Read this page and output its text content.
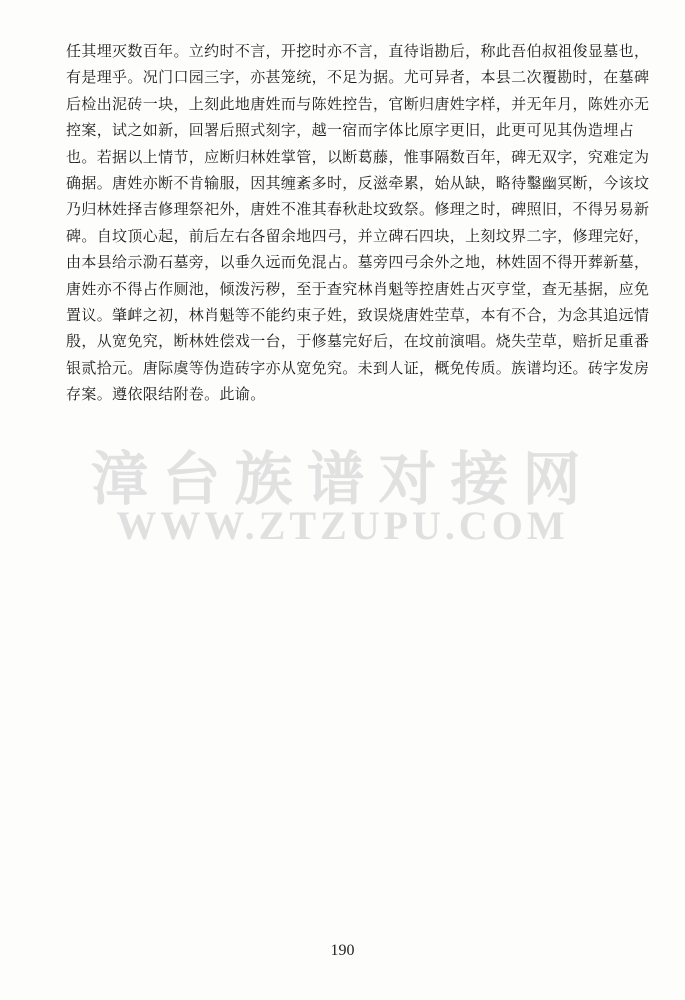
任其埋灭数百年。立约时不言，开挖时亦不言，直待诣勘后，称此吾伯叔祖俊显墓也，
有是理乎。况门口园三字，亦甚笼统，不足为据。尤可异者，本县二次覆勘时，在墓碑
后检出泥砖一块，上刻此地唐姓而与陈姓控告，官断归唐姓字样，并无年月，陈姓亦无
控案，试之如新，回署后照式刻字，越一宿而字体比原字更旧，此更可见其伪造埋占
也。若据以上情节，应断归林姓掌管，以断葛藤，惟事隔数百年，碑无双字，究难定为
确据。唐姓亦断不肯输服，因其缠紊多时，反滋牵累，始从缺，略待鑿幽冥断，今该坟
乃归林姓择吉修理祭祀外，唐姓不准其春秋赴坟致祭。修理之时，碑照旧，不得另易新
碑。自坟顶心起，前后左右各留余地四弓，并立碑石四块，上刻坟界二字，修理完好，
由本县给示泐石墓旁，以垂久远而免混占。墓旁四弓余外之地，林姓固不得开葬新墓，
唐姓亦不得占作厕池，倾泼污秽，至于查究林肖魁等控唐姓占灭亨堂，查无基据，应免
置议。肇衅之初，林肖魁等不能约束子姓，致误烧唐姓茔草，本有不合，为念其追远情
殷，从宽免究，断林姓偿戏一台，于修墓完好后，在坟前演唱。烧失茔草，赔折足重番
银贰拾元。唐际虞等伪造砖字亦从宽免究。未到人证，概免传质。族谱均还。砖字发房
存案。遵依限结附卷。此谕。
漳台族谱对接网
WWW.ZTZUPU.COM
190
